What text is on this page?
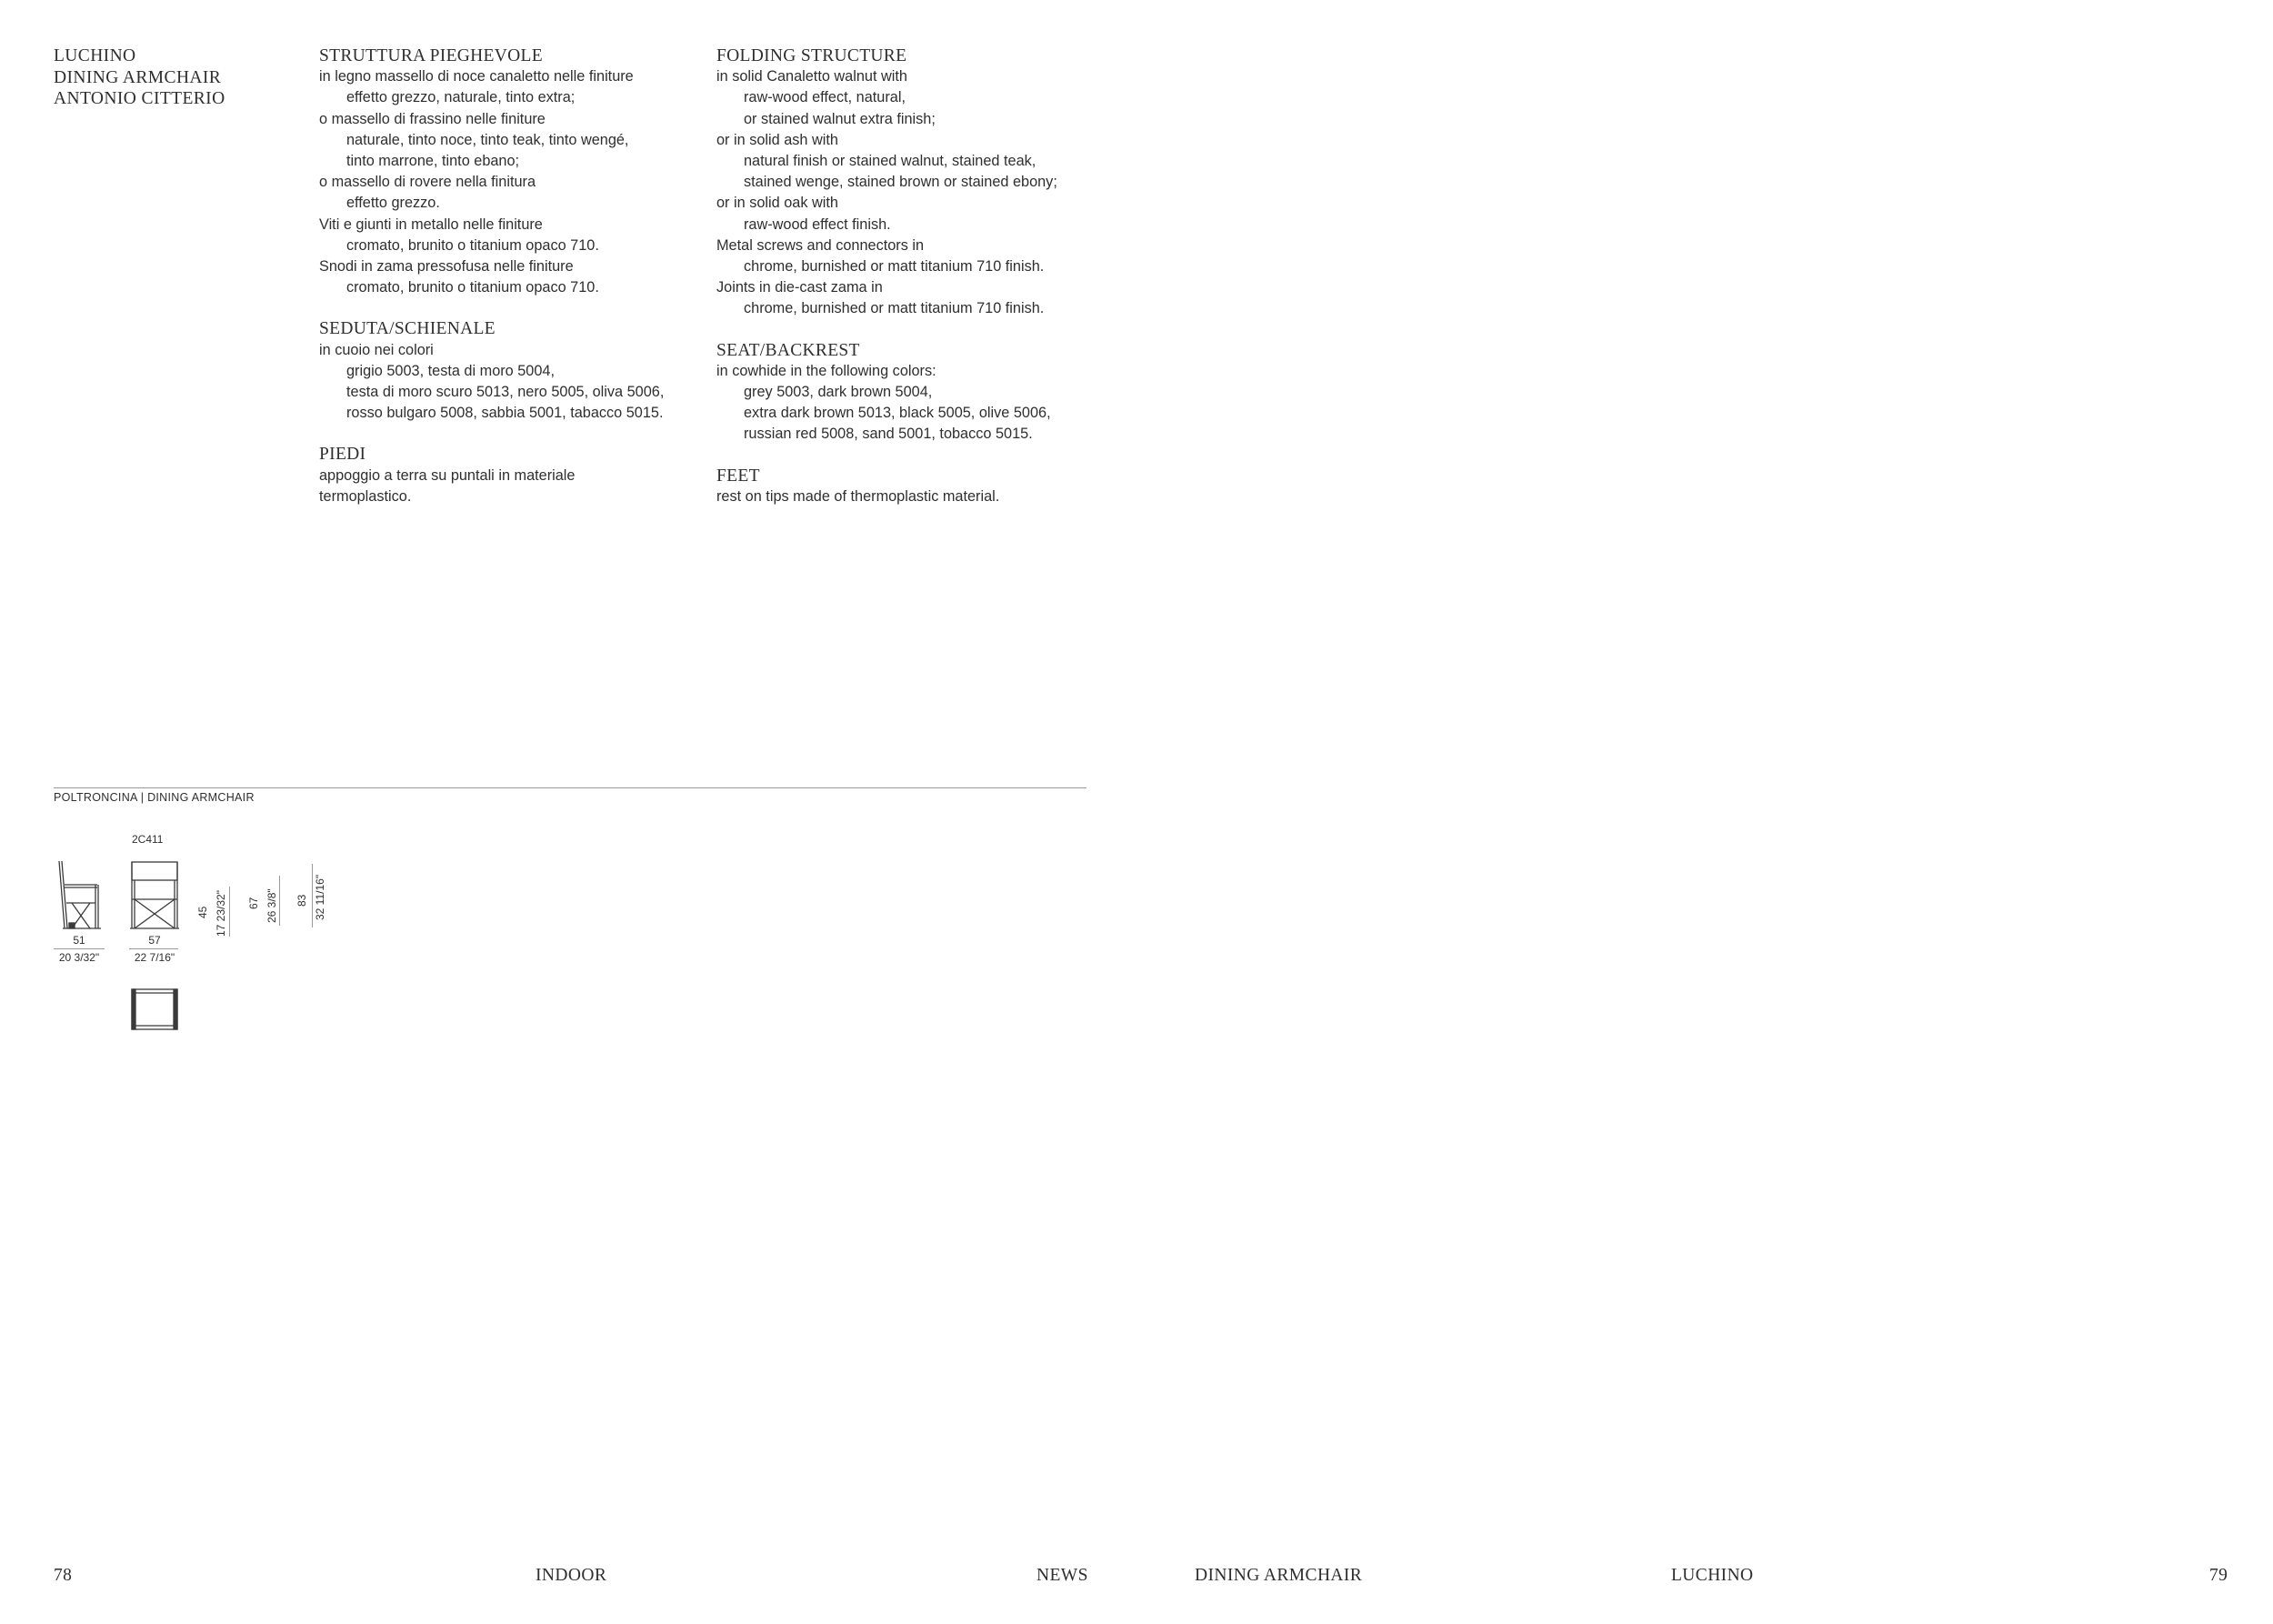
LUCHINO
DINING ARMCHAIR
ANTONIO CITTERIO
STRUTTURA PIEGHEVOLE
in legno massello di noce canaletto nelle finiture
effetto grezzo, naturale, tinto extra;
o massello di frassino nelle finiture
naturale, tinto noce, tinto teak, tinto wengé,
tinto marrone, tinto ebano;
o massello di rovere nella finitura
effetto grezzo.
Viti e giunti in metallo nelle finiture
cromato, brunito o titanium opaco 710.
Snodi in zama pressofusa nelle finiture
cromato, brunito o titanium opaco 710.
SEDUTA/SCHIENALE
in cuoio nei colori
grigio 5003, testa di moro 5004,
testa di moro scuro 5013, nero 5005, oliva 5006,
rosso bulgaro 5008, sabbia 5001, tabacco 5015.
PIEDI
appoggio a terra su puntali in materiale
termoplastico.
FOLDING STRUCTURE
in solid Canaletto walnut with
raw-wood effect, natural,
or stained walnut extra finish;
or in solid ash with
natural finish or stained walnut, stained teak,
stained wenge, stained brown or stained ebony;
or in solid oak with
raw-wood effect finish.
Metal screws and connectors in
chrome, burnished or matt titanium 710 finish.
Joints in die-cast zama in
chrome, burnished or matt titanium 710 finish.
SEAT/BACKREST
in cowhide in the following colors:
grey 5003, dark brown 5004,
extra dark brown 5013, black 5005, olive 5006,
russian red 5008, sand 5001, tobacco 5015.
FEET
rest on tips made of thermoplastic material.
POLTRONCINA | DINING ARMCHAIR
2C411
51
20 3/32"
57
22 7/16"
45 17 23/32" 67 26 3/8" 83 32 11/16"
78	INDOOR	NEWS	DINING ARMCHAIR	LUCHINO	79
